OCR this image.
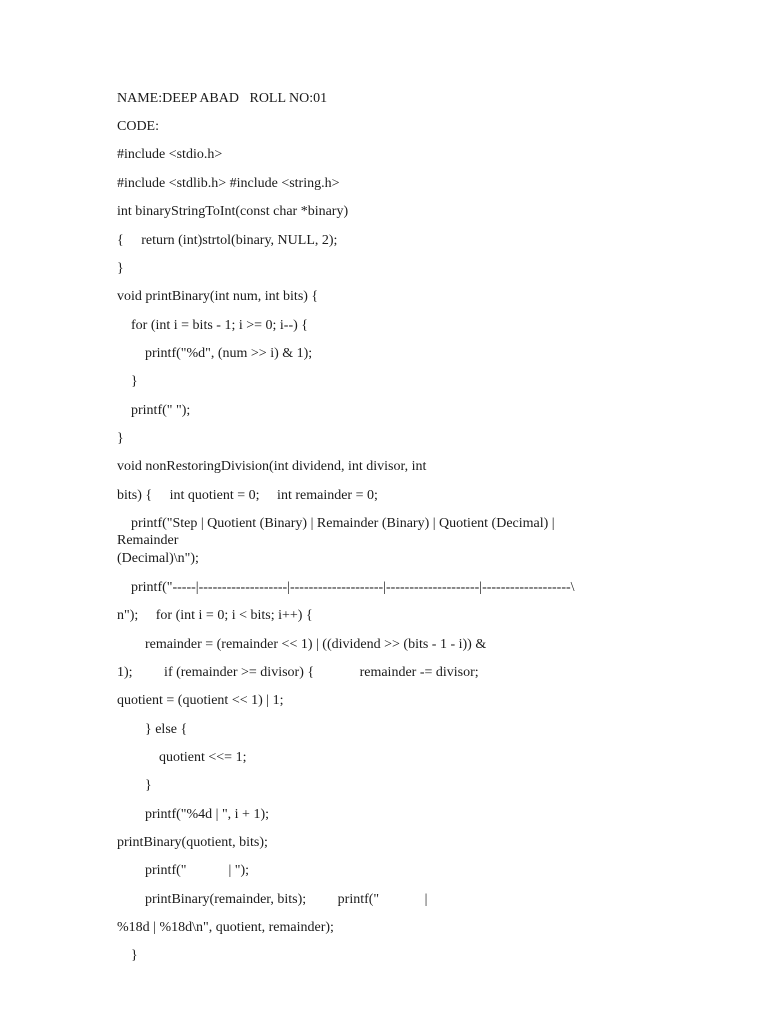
NAME:DEEP ABAD   ROLL NO:01
CODE:
#include <stdio.h>
#include <stdlib.h> #include <string.h>
int binaryStringToInt(const char *binary)
{     return (int)strtol(binary, NULL, 2);
}
void printBinary(int num, int bits) {
for (int i = bits - 1; i >= 0; i--) {
printf("%d", (num >> i) & 1);
}
printf(" ");
}
void nonRestoringDivision(int dividend, int divisor, int
bits) {     int quotient = 0;     int remainder = 0;
printf("Step | Quotient (Binary) | Remainder (Binary) | Quotient (Decimal) |
Remainder
(Decimal)\n");
printf("-----|-------------------|--------------------|--------------------|-------------------\
n");     for (int i = 0; i < bits; i++) {
remainder = (remainder << 1) | ((dividend >> (bits - 1 - i)) &
1);         if (remainder >= divisor) {             remainder -= divisor;
quotient = (quotient << 1) | 1;
} else {
quotient <<= 1;
}
printf("%4d | ", i + 1);
printBinary(quotient, bits);
printf("            | ");
printBinary(remainder, bits);         printf("             |
%18d | %18d\n", quotient, remainder);
}
